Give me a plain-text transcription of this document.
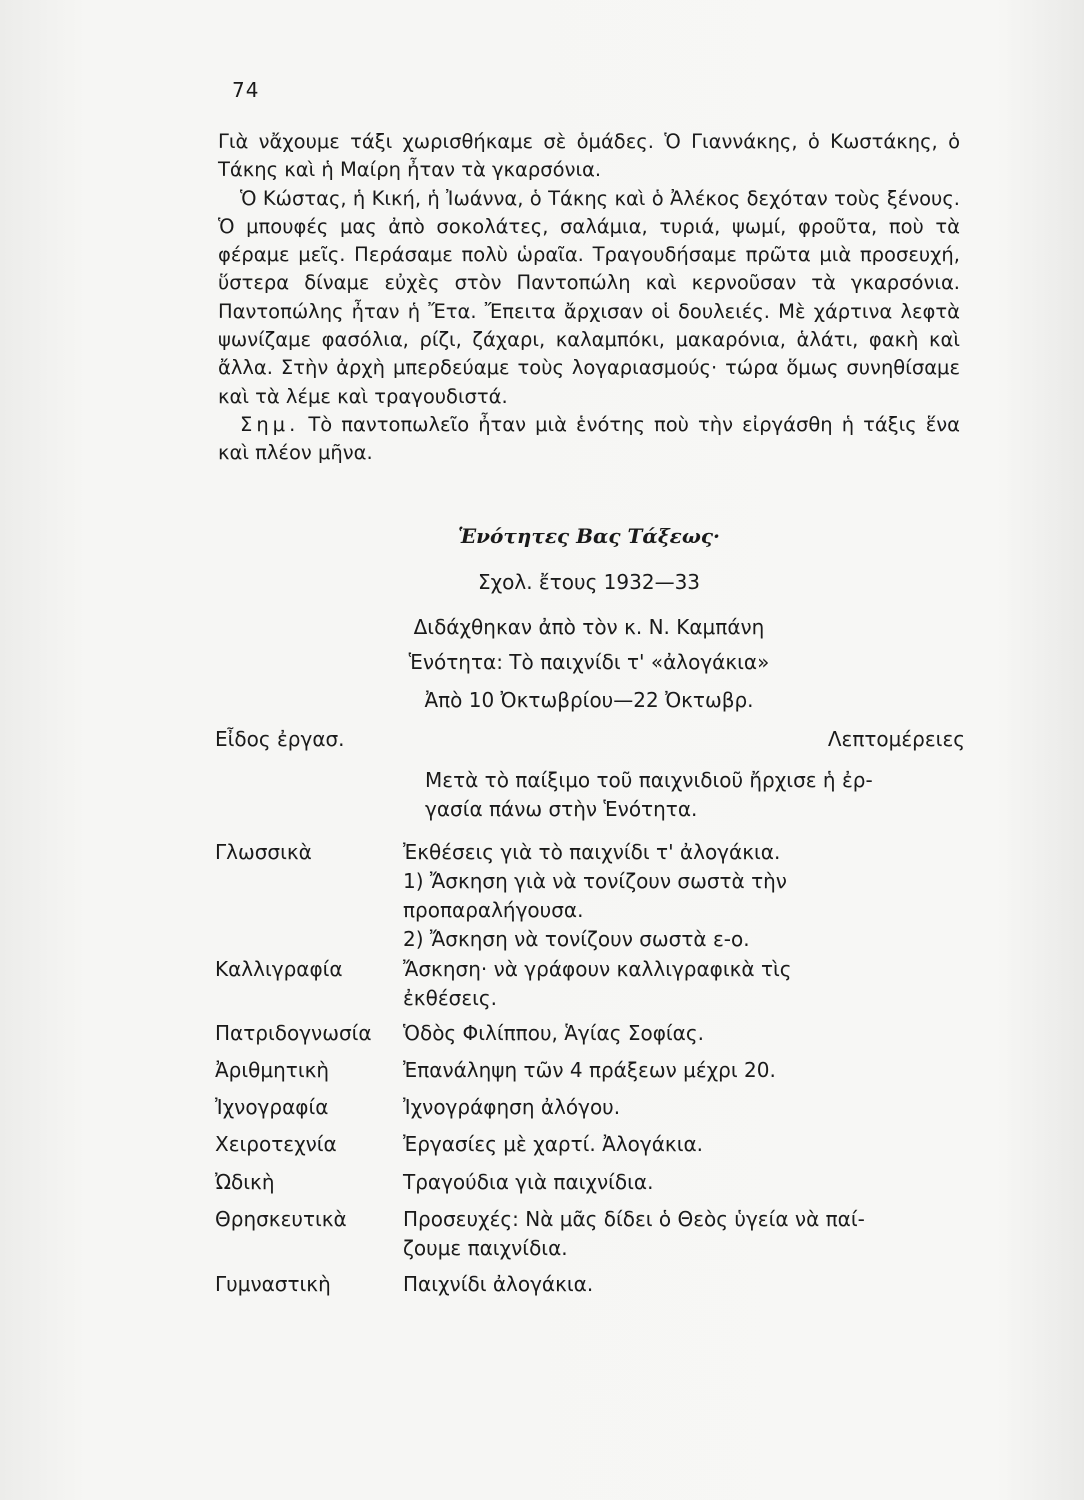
74

Γιὰ νἄχουμε τάξι χωρισθήκαμε σὲ ὁμάδες. Ὁ Γιαννάκης, ὁ Κωστάκης, ὁ Τάκης καὶ ἡ Μαίρη ἦταν τὰ γκαρσόνια.

Ὁ Κώστας, ἡ Κική, ἡ Ἰωάννα, ὁ Τάκης καὶ ὁ Ἀλέκος δεχόταν τοὺς ξένους. Ὁ μπουφές μας ἀπὸ σοκολάτες, σαλάμια, τυριά, ψωμί, φροῦτα, ποὺ τὰ φέραμε μεῖς. Περάσαμε πολὺ ὡραῖα. Τραγουδήσαμε πρῶτα μιὰ προσευχή, ὕστερα δίναμε εὐχὲς στὸν Παντοπώλη καὶ κερνοῦσαν τὰ γκαρσόνια. Παντοπώλης ἦταν ἡ Ἔτα. Ἔπειτα ἄρχισαν οἱ δουλειές. Μὲ χάρτινα λεφτὰ ψωνίζαμε φασόλια, ρίζι, ζάχαρι, καλαμπόκι, μακαρόνια, ἁλάτι, φακὴ καὶ ἄλλα. Στὴν ἀρχὴ μπερδεύαμε τοὺς λογαριασμούς· τώρα ὅμως συνηθίσαμε καὶ τὰ λέμε καὶ τραγουδιστά.

Σημ. Τὸ παντοπωλεῖο ἦταν μιὰ ἑνότης ποὺ τὴν εἰργάσθη ἡ τάξις ἕνα καὶ πλέον μῆνα.

Ἑνότητες Βας Τάξεως·
Σχολ. ἔτους 1932—33
Διδάχθηκαν ἀπὸ τὸν κ. Ν. Καμπάνη
Ἑνότητα: Τὸ παιχνίδι τ' «ἀλογάκια»
Ἀπὸ 10 Ὀκτωβρίου—22 Ὀκτωβρ.
Εἶδος ἐργασ.	Λεπτομέρειες
Μετὰ τὸ παίξιμο τοῦ παιχνιδιοῦ ἤρχισε ἡ ἐρ-
γασία πάνω στὴν Ἑνότητα.
Γλωσσικὰ	Ἐκθέσεις γιὰ τὸ παιχνίδι τ' ἀλογάκια.
1) Ἄσκηση γιὰ νὰ τονίζουν σωστὰ τὴν
προπαραλήγουσα.
2) Ἄσκηση νὰ τονίζουν σωστὰ ε-ο.
Καλλιγραφία	Ἄσκηση· νὰ γράφουν καλλιγραφικὰ τὶς
ἐκθέσεις.
Πατριδογνωσία Ὁδὸς Φιλίππου, Ἁγίας Σοφίας.
Ἀριθμητικὴ	Ἐπανάληψη τῶν 4 πράξεων μέχρι 20.
Ἰχνογραφία	Ἰχνογράφηση ἀλόγου.
Χειροτεχνία	Ἐργασίες μὲ χαρτί. Ἀλογάκια.
Ὠδικὴ	Τραγούδια γιὰ παιχνίδια.
Θρησκευτικὰ	Προσευχές: Νὰ μᾶς δίδει ὁ Θεὸς ὑγεία νὰ παί-
ζουμε παιχνίδια.
Γυμναστικὴ	Παιχνίδι ἀλογάκια.
